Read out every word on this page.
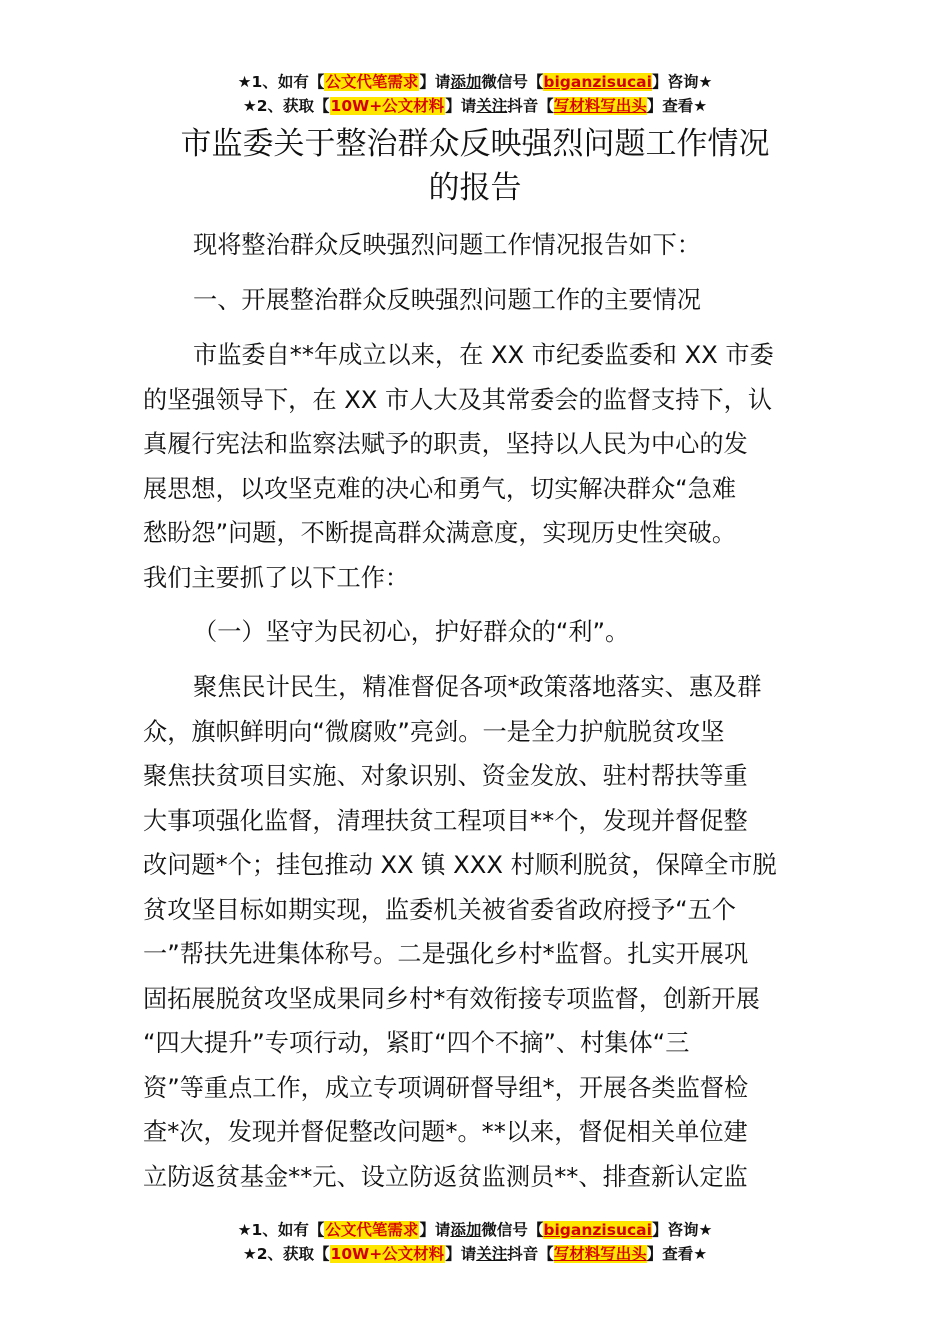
★1、如有【公文代笔需求】请添加微信号【biganzisucai】咨询★
★2、获取【10W+公文材料】请关注抖音【写材料写出头】查看★
市监委关于整治群众反映强烈问题工作情况
的报告
现将整治群众反映强烈问题工作情况报告如下：
一、开展整治群众反映强烈问题工作的主要情况
市监委自**年成立以来，在 XX 市纪委监委和 XX 市委
的坚强领导下，在 XX 市人大及其常委会的监督支持下，认
真履行宪法和监察法赋予的职责，坚持以人民为中心的发
展思想，以攻坚克难的决心和勇气，切实解决群众“急难
愁盼怨”问题，不断提高群众满意度，实现历史性突破。
我们主要抓了以下工作：
（一）坚守为民初心，护好群众的“利”。
聚焦民计民生，精准督促各项*政策落地落实、惠及群
众，旗帜鲜明向“微腐败”亮剑。一是全力护航脱贫攻坚
聚焦扶贫项目实施、对象识别、资金发放、驻村帮扶等重
大事项强化监督，清理扶贫工程项目**个，发现并督促整
改问题*个；挂包推动 XX 镇 XXX 村顺利脱贫，保障全市脱
贫攻坚目标如期实现，监委机关被省委省政府授予“五个
一”帮扶先进集体称号。二是强化乡村*监督。扎实开展巩
固拓展脱贫攻坚成果同乡村*有效衔接专项监督，创新开展
“四大提升”专项行动，紧盯“四个不摘”、村集体“三
资”等重点工作，成立专项调研督导组*，开展各类监督检
查*次，发现并督促整改问题*。**以来，督促相关单位建
立防返贫基金**元、设立防返贫监测员**、排查新认定监
★1、如有【公文代笔需求】请添加微信号【biganzisucai】咨询★
★2、获取【10W+公文材料】请关注抖音【写材料写出头】查看★
